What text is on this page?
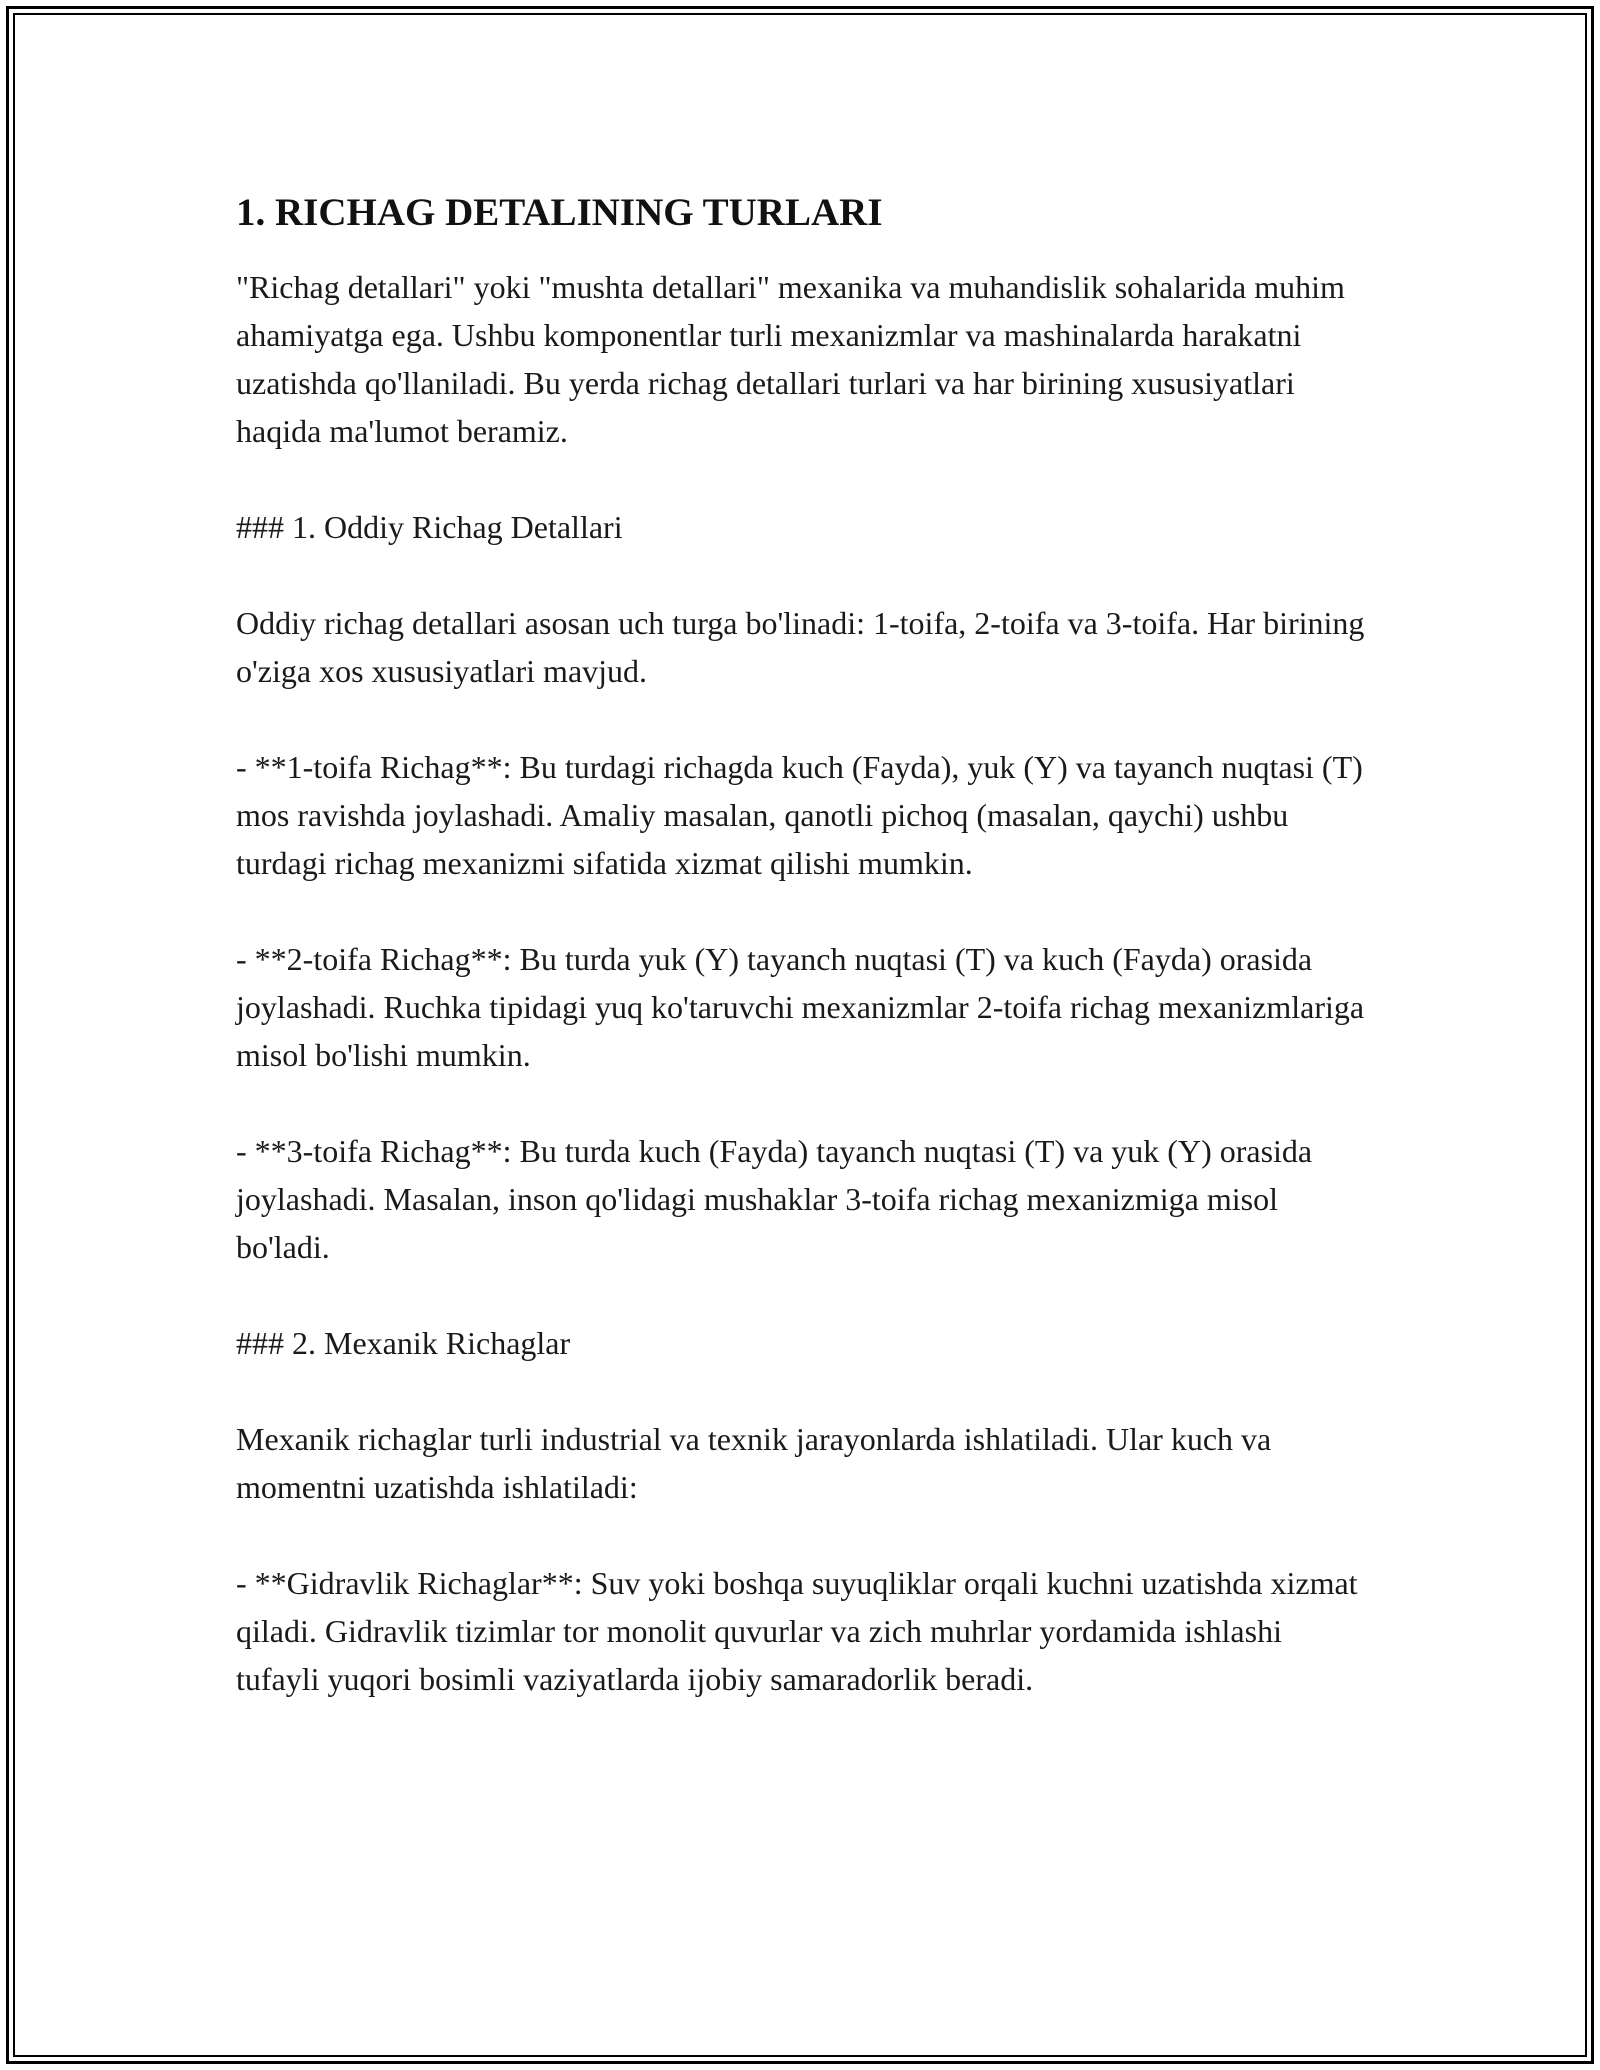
1. RICHAG DETALINING TURLARI

"Richag detallari" yoki "mushta detallari" mexanika va muhandislik sohalarida muhim ahamiyatga ega. Ushbu komponentlar turli mexanizmlar va mashinalarda harakatni uzatishda qo'llaniladi. Bu yerda richag detallari turlari va har birining xususiyatlari haqida ma'lumot beramiz.

### 1. Oddiy Richag Detallari

Oddiy richag detallari asosan uch turga bo'linadi: 1-toifa, 2-toifa va 3-toifa. Har birining o'ziga xos xususiyatlari mavjud.

- **1-toifa Richag**: Bu turdagi richagda kuch (Fayda), yuk (Y) va tayanch nuqtasi (T) mos ravishda joylashadi. Amaliy masalan, qanotli pichoq (masalan, qaychi) ushbu turdagi richag mexanizmi sifatida xizmat qilishi mumkin.

- **2-toifa Richag**: Bu turda yuk (Y) tayanch nuqtasi (T) va kuch (Fayda) orasida joylashadi. Ruchka tipidagi yuq ko'taruvchi mexanizmlar 2-toifa richag mexanizmlariga misol bo'lishi mumkin.

- **3-toifa Richag**: Bu turda kuch (Fayda) tayanch nuqtasi (T) va yuk (Y) orasida joylashadi. Masalan, inson qo'lidagi mushaklar 3-toifa richag mexanizmiga misol bo'ladi.

### 2. Mexanik Richaglar

Mexanik richaglar turli industrial va texnik jarayonlarda ishlatiladi. Ular kuch va momentni uzatishda ishlatiladi:

- **Gidravlik Richaglar**: Suv yoki boshqa suyuqliklar orqali kuchni uzatishda xizmat qiladi. Gidravlik tizimlar tor monolit quvurlar va zich muhrlar yordamida ishlashi tufayli yuqori bosimli vaziyatlarda ijobiy samaradorlik beradi.
